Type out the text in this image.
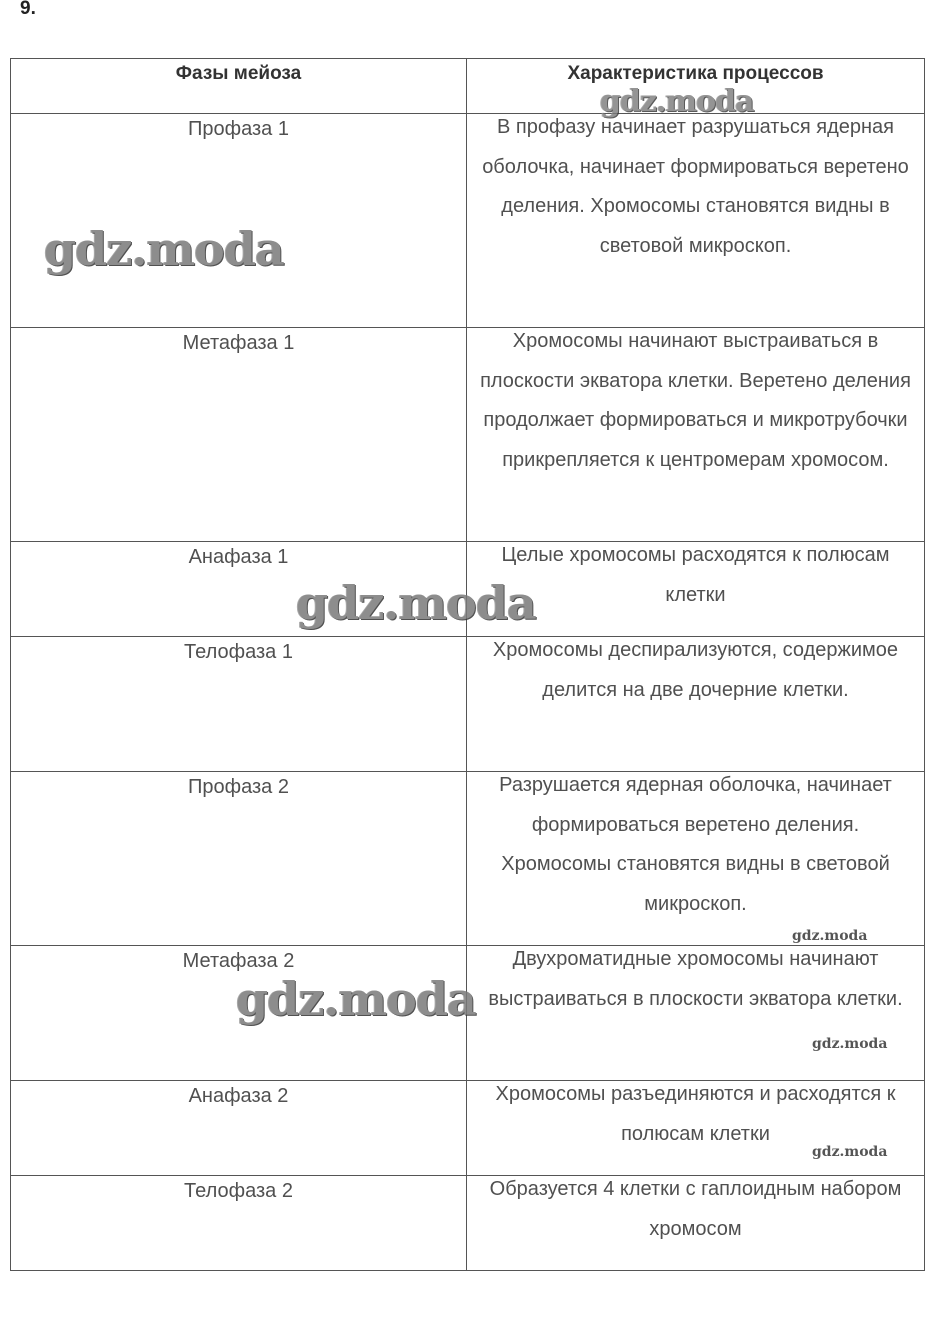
9.
Фазы мейоза	Характеристика процессов

Профаза 1	В профазу начинает разрушаться ядерная оболочка, начинает формироваться веретено деления. Хромосомы становятся видны в световой микроскоп.

Метафаза 1	Хромосомы начинают выстраиваться в плоскости экватора клетки. Веретено деления продолжает формироваться и микротрубочки прикрепляется к центромерам хромосом.

Анафаза 1	Целые хромосомы расходятся к полюсам клетки

Телофаза 1	Хромосомы деспирализуются, содержимое делится на две дочерние клетки.

Профаза 2	Разрушается ядерная оболочка, начинает формироваться веретено деления. Хромосомы становятся видны в световой микроскоп.

Метафаза 2	Двухроматидные хромосомы начинают выстраиваться в плоскости экватора клетки.

Анафаза 2	Хромосомы разъединяются и расходятся к полюсам клетки

Телофаза 2	Образуется 4 клетки с гаплоидным набором хромосом
gdz.moda
gdz.moda
gdz.moda
gdz.moda
gdz.moda
gdz.moda
gdz.moda
